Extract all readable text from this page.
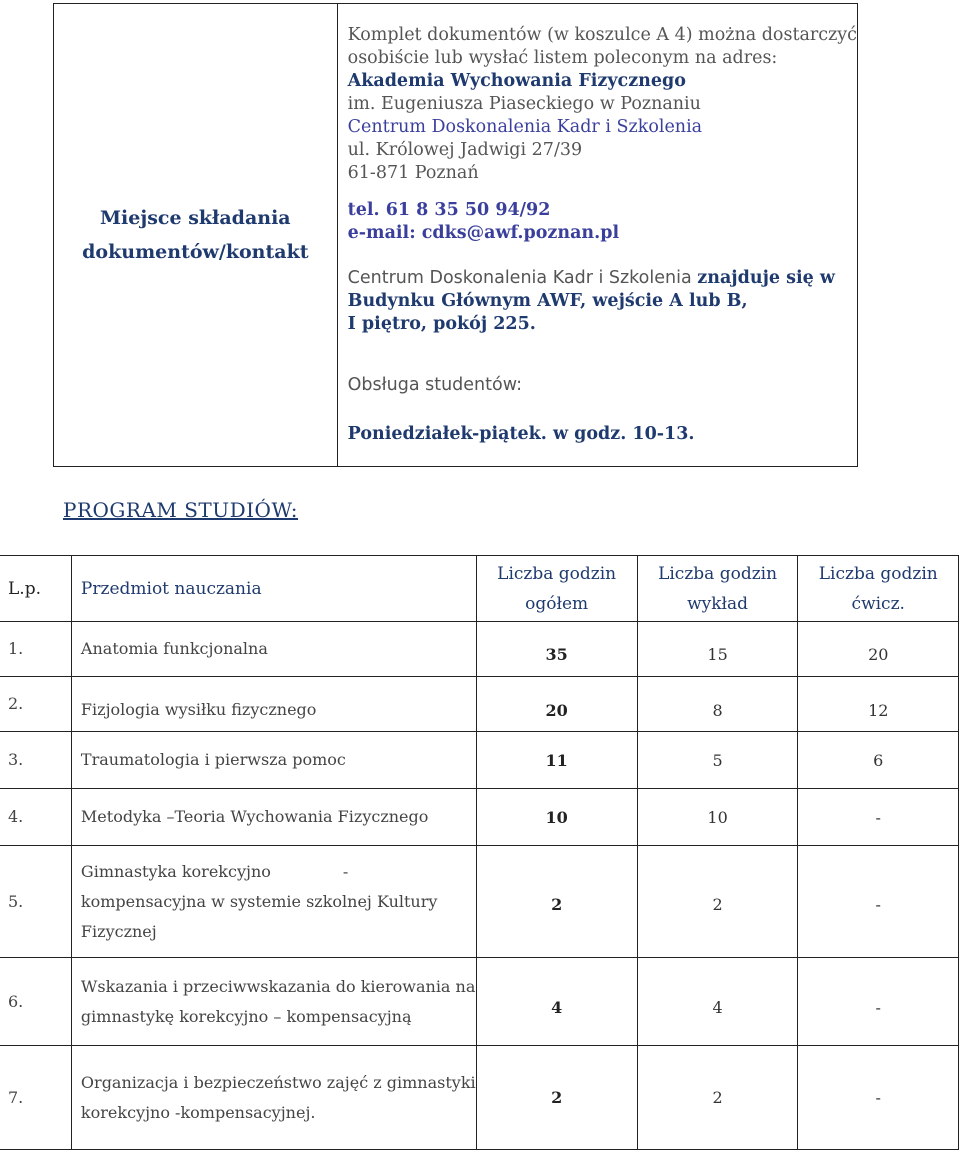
Miejsce składania
dokumentów/kontakt

Komplet dokumentów (w koszulce A 4) można dostarczyć
osobiście lub wysłać listem poleconym na adres:
Akademia Wychowania Fizycznego
im. Eugeniusza Piaseckiego w Poznaniu
Centrum Doskonalenia Kadr i Szkolenia
ul. Królowej Jadwigi 27/39
61-871 Poznań
tel. 61 8 35 50 94/92
e-mail: cdks@awf.poznan.pl
Centrum Doskonalenia Kadr i Szkolenia znajduje się w
Budynku Głównym AWF, wejście A lub B,
I piętro, pokój 225.
Obsługa studentów:
Poniedziałek-piątek. w godz. 10-13.
PROGRAM STUDIÓW:
L.p.	Przedmiot nauczania	Liczba godzin
ogółem	Liczba godzin
wykład	Liczba godzin
ćwicz.

1.	Anatomia funkcjonalna	35	15	20
2.	Fizjologia wysiłku fizycznego	20	8	12
3.	Traumatologia i pierwsza pomoc	11	5	6
4.	Metodyka –Teoria Wychowania Fizycznego	10	10	-
5.	Gimnastyka korekcyjno -
kompensacyjna w systemie szkolnej Kultury
Fizycznej	2	2	-
6.	Wskazania i przeciwwskazania do kierowania na
gimnastykę korekcyjno – kompensacyjną	4	4	-
7.	Organizacja i bezpieczeństwo zajęć z gimnastyki
korekcyjno -kompensacyjnej.	2	2	-
